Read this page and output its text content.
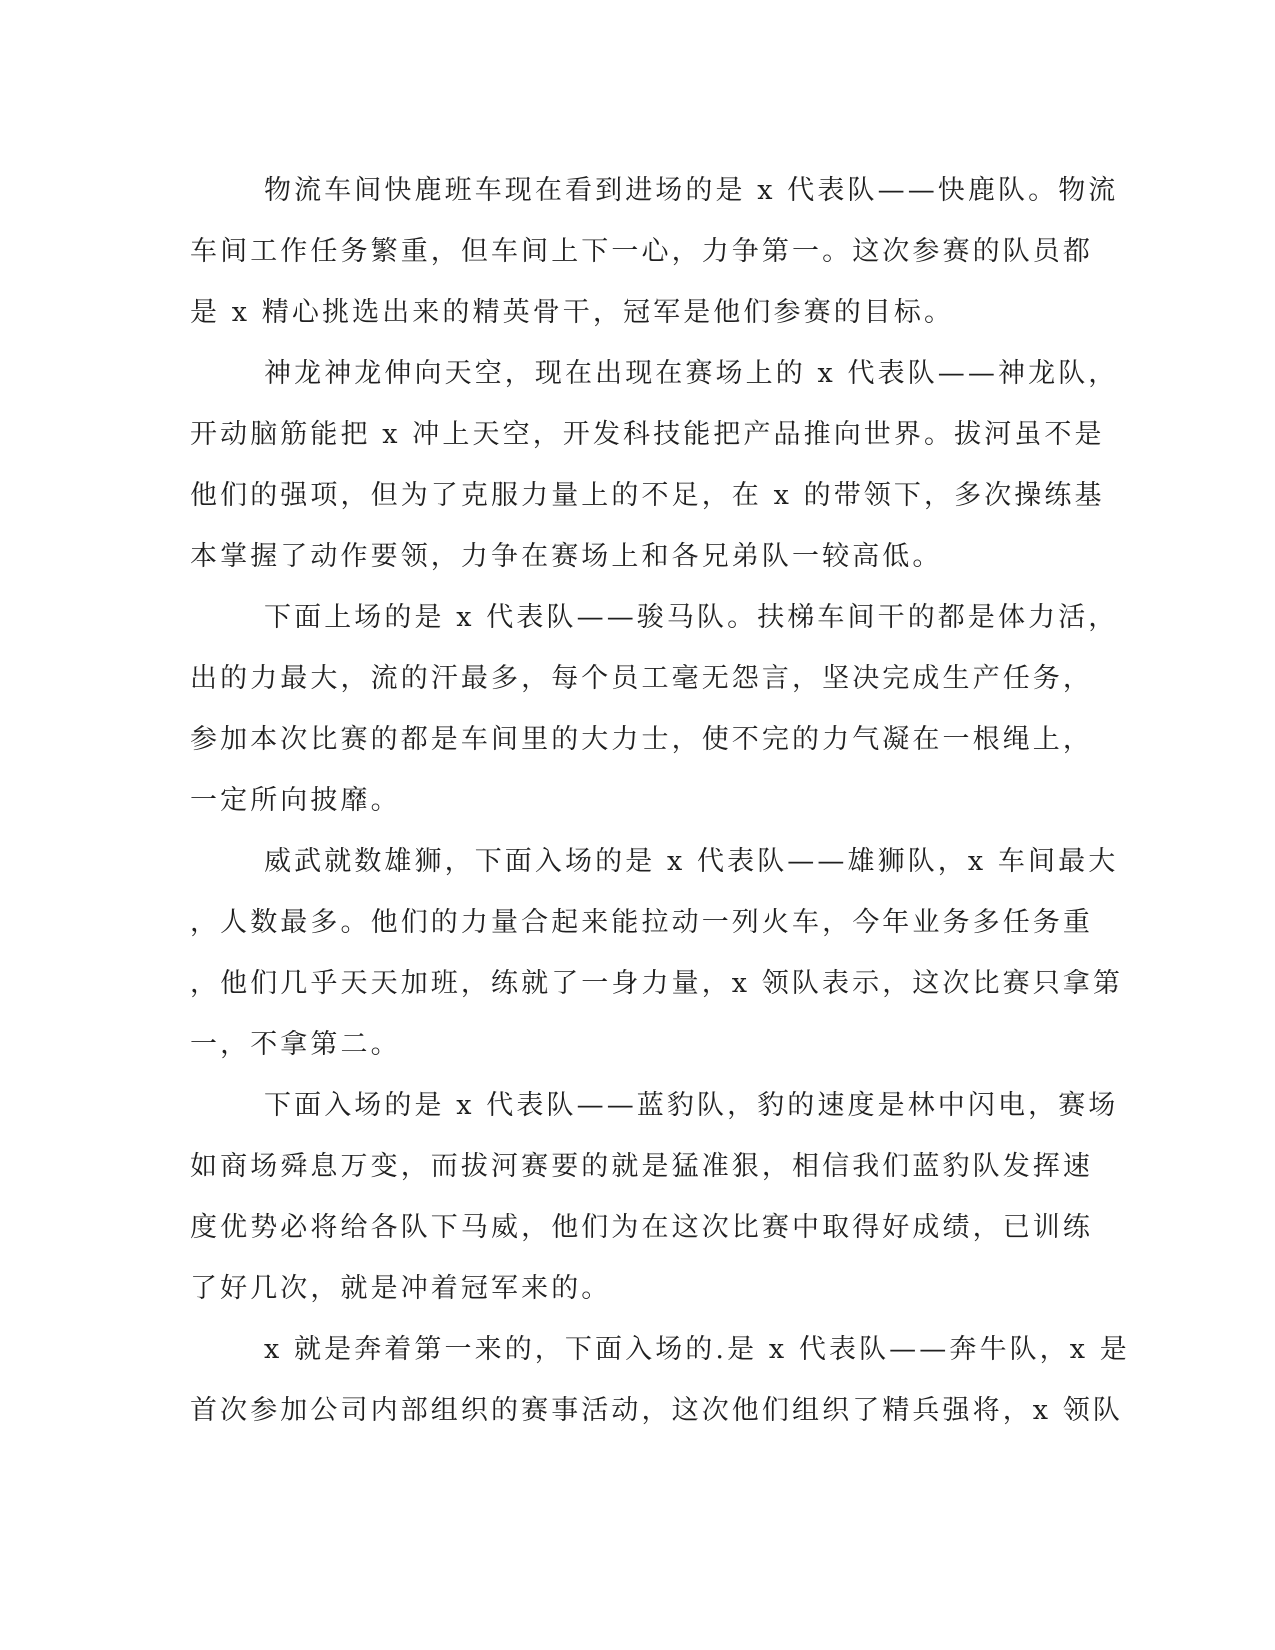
物流车间快鹿班车现在看到进场的是 x 代表队——快鹿队。物流
车间工作任务繁重，但车间上下一心，力争第一。这次参赛的队员都
是 x 精心挑选出来的精英骨干，冠军是他们参赛的目标。
神龙神龙伸向天空，现在出现在赛场上的 x 代表队——神龙队，
开动脑筋能把 x 冲上天空，开发科技能把产品推向世界。拔河虽不是
他们的强项，但为了克服力量上的不足，在 x 的带领下，多次操练基
本掌握了动作要领，力争在赛场上和各兄弟队一较高低。
下面上场的是 x 代表队——骏马队。扶梯车间干的都是体力活，
出的力最大，流的汗最多，每个员工毫无怨言，坚决完成生产任务，
参加本次比赛的都是车间里的大力士，使不完的力气凝在一根绳上，
一定所向披靡。
威武就数雄狮，下面入场的是 x 代表队——雄狮队，x 车间最大
，人数最多。他们的力量合起来能拉动一列火车，今年业务多任务重
，他们几乎天天加班，练就了一身力量，x 领队表示，这次比赛只拿第
一，不拿第二。
下面入场的是 x 代表队——蓝豹队，豹的速度是林中闪电，赛场
如商场舜息万变，而拔河赛要的就是猛准狠，相信我们蓝豹队发挥速
度优势必将给各队下马威，他们为在这次比赛中取得好成绩，已训练
了好几次，就是冲着冠军来的。
x 就是奔着第一来的，下面入场的.是 x 代表队——奔牛队，x 是
首次参加公司内部组织的赛事活动，这次他们组织了精兵强将，x 领队
